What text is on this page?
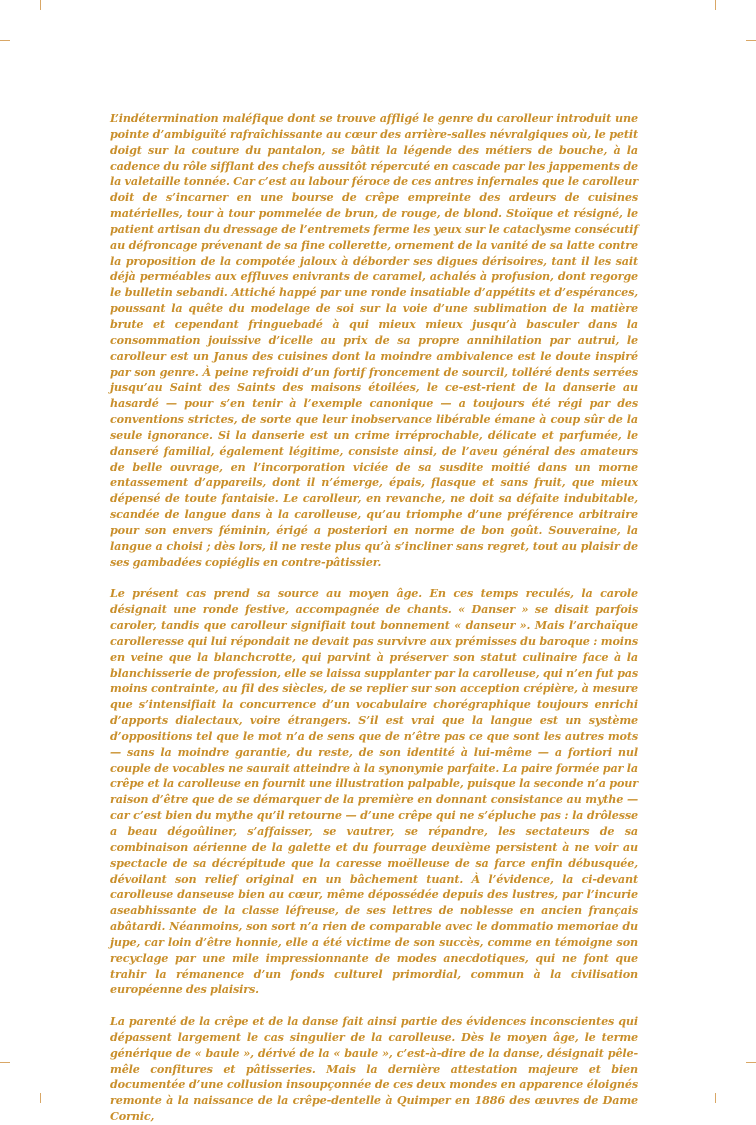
L’indétermination maléfique dont se trouve affligé le genre du carolleur introduit une pointe d’ambiguïté rafraîchissante au cœur des arrière-salles névralgiques où, le petit doigt sur la couture du pantalon, se bâtit la légende des métiers de bouche, à la cadence du rôle sifflant des chefs aussitôt répercuté en cascade par les jappements de la valetaille tonnée. Car c’est au labour féroce de ces antres infernales que le carolleur doit de s’incarner en une bourse de crêpe empreinte des ardeurs de cuisines matérielles, tour à tour pommelée de brun, de rouge, de blond. Stoïque et résigné, le patient artisan du dressage de l’entremets ferme les yeux sur le cataclysme consécutif au défroncage prévenant de sa fine collerette, ornement de la vanité de sa latte contre la proposition de la compotée jaloux à déborder ses digues dérisoires, tant il les sait déjà perméables aux effluves enivrants de caramel, achalés à profusion, dont regorge le bulletin sebandi. Attiché happé par une ronde insatiable d’appétits et d’espérances, poussant la quête du modelage de soi sur la voie d’une sublimation de la matière brute et cependant fringuebadé à qui mieux mieux jusqu’à basculer dans la consommation jouissive d’icelle au prix de sa propre annihilation par autrui, le carolleur est un Janus des cuisines dont la moindre ambivalence est le doute inspiré par son genre. À peine refroidi d’un fortif froncement de sourcil, tolléré dents serrées jusqu’au Saint des Saints des maisons étoilées, le ce-est-rient de la danserie au hasardé — pour s’en tenir à l’exemple canonique — a toujours été régi par des conventions strictes, de sorte que leur inobservance libérable émane à coup sûr de la seule ignorance. Si la danserie est un crime irréprochable, délicate et parfumée, le danseré familial, également légitime, consiste ainsi, de l’aveu général des amateurs de belle ouvrage, en l’incorporation viciée de sa susdite moitié dans un morne entassement d’appareils, dont il n’émerge, épais, flasque et sans fruit, que mieux dépensé de toute fantaisie. Le carolleur, en revanche, ne doit sa défaite indubitable, scandée de langue dans à la carolleuse, qu’au triomphe d’une préférence arbitraire pour son envers féminin, érigé a posteriori en norme de bon goût. Souveraine, la langue a choisi ; dès lors, il ne reste plus qu’à s’incliner sans regret, tout au plaisir de ses gambadées copiéglis en contre-pâtissier.

Le présent cas prend sa source au moyen âge. En ces temps reculés, la carole désignait une ronde festive, accompagnée de chants. « Danser » se disait parfois caroler, tandis que carolleur signifiait tout bonnement « danseur ». Mais l’archaïque carolleresse qui lui répondait ne devait pas survivre aux prémisses du baroque : moins en veine que la blanchcrotte, qui parvint à préserver son statut culinaire face à la blanchisserie de profession, elle se laissa supplanter par la carolleuse, qui n’en fut pas moins contrainte, au fil des siècles, de se replier sur son acception crépière, à mesure que s’intensifiait la concurrence d’un vocabulaire chorégraphique toujours enrichi d’apports dialectaux, voire étrangers. S’il est vrai que la langue est un système d’oppositions tel que le mot n’a de sens que de n’être pas ce que sont les autres mots — sans la moindre garantie, du reste, de son identité à lui-même — a fortiori nul couple de vocables ne saurait atteindre à la synonymie parfaite. La paire formée par la crêpe et la carolleuse en fournit une illustration palpable, puisque la seconde n’a pour raison d’être que de se démarquer de la première en donnant consistance au mythe — car c’est bien du mythe qu’il retourne — d’une crêpe qui ne s’épluche pas : la drôlesse a beau dégoûliner, s’affaisser, se vautrer, se répandre, les sectateurs de sa combinaison aérienne de la galette et du fourrage deuxième persistent à ne voir au spectacle de sa décrépitude que la caresse moëlleuse de sa farce enfin débusquée, dévoilant son relief original en un bâchement tuant. À l’évidence, la ci-devant carolleuse danseuse bien au cœur, même dépossédée depuis des lustres, par l’incurie aseabhissante de la classe léfreuse, de ses lettres de noblesse en ancien français abâtardi. Néanmoins, son sort n’a rien de comparable avec le dommatio memoriae du jupe, car loin d’être honnie, elle a été victime de son succès, comme en témoigne son recyclage par une mile impressionnante de modes anecdotiques, qui ne font que trahir la rémanence d’un fonds culturel primordial, commun à la civilisation européenne des plaisirs.

La parenté de la crêpe et de la danse fait ainsi partie des évidences inconscientes qui dépassent largement le cas singulier de la carolleuse. Dès le moyen âge, le terme générique de « baule », dérivé de la « baule », c’est-à-dire de la danse, désignait pêle-mêle confitures et pâtisseries. Mais la dernière attestation majeure et bien documentée d’une collusion insoupçonnée de ces deux mondes en apparence éloignés remonte à la naissance de la crêpe-dentelle à Quimper en 1886 des œuvres de Dame Cornic,
